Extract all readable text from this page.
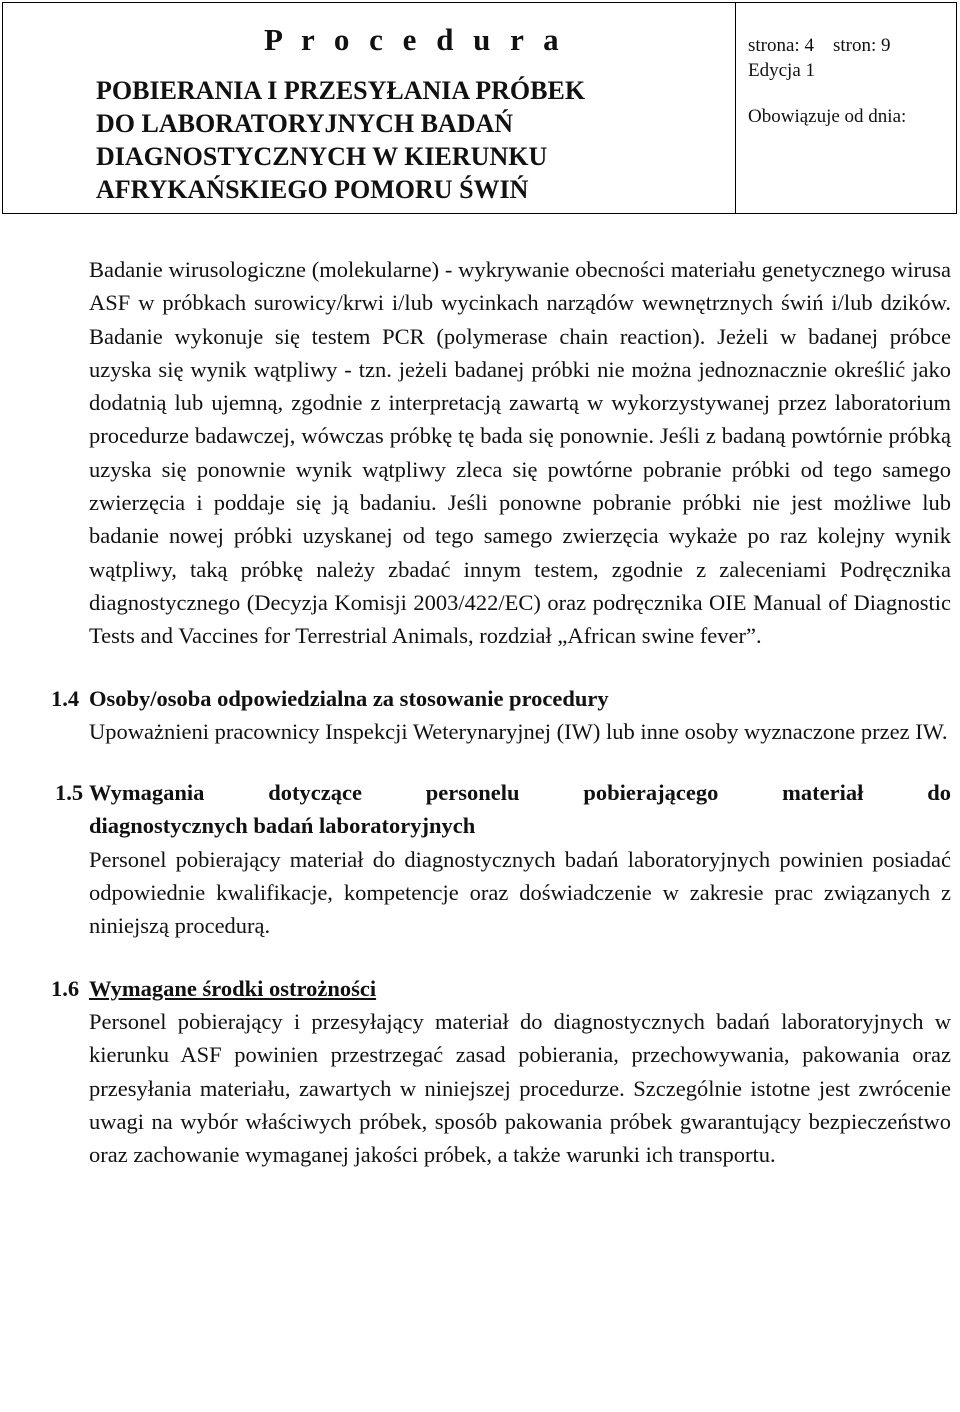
P r o c e d u r a
POBIERANIA I PRZESYŁANIA PRÓBEK
DO LABORATORYJNYCH BADAŃ
DIAGNOSTYCZNYCH W KIERUNKU
AFRYKAŃSKIEGO POMORU ŚWIŃ
strona: 4    stron: 9
Edycja 1
Obowiązuje od dnia:

Badanie wirusologiczne (molekularne) - wykrywanie obecności materiału genetycznego wirusa ASF w próbkach surowicy/krwi i/lub wycinkach narządów wewnętrznych świń i/lub dzików. Badanie wykonuje się testem PCR (polymerase chain reaction). Jeżeli w badanej próbce uzyska się wynik wątpliwy - tzn. jeżeli badanej próbki nie można jednoznacznie określić jako dodatnią lub ujemną, zgodnie z interpretacją zawartą w wykorzystywanej przez laboratorium procedurze badawczej, wówczas próbkę tę bada się ponownie. Jeśli z badaną powtórnie próbką uzyska się ponownie wynik wątpliwy zleca się powtórne pobranie próbki od tego samego zwierzęcia i poddaje się ją badaniu. Jeśli ponowne pobranie próbki nie jest możliwe lub badanie nowej próbki uzyskanej od tego samego zwierzęcia wykaże po raz kolejny wynik wątpliwy, taką próbkę należy zbadać innym testem, zgodnie z zaleceniami Podręcznika diagnostycznego (Decyzja Komisji 2003/422/EC) oraz podręcznika OIE Manual of Diagnostic Tests and Vaccines for Terrestrial Animals, rozdział „African swine fever”.

1.4 Osoby/osoba odpowiedzialna za stosowanie procedury

Upoważnieni pracownicy Inspekcji Weterynaryjnej (IW) lub inne osoby wyznaczone przez IW.

1.5 Wymagania dotyczące personelu pobierającego materiał do

diagnostycznych badań laboratoryjnych

Personel pobierający materiał do diagnostycznych badań laboratoryjnych powinien posiadać odpowiednie kwalifikacje, kompetencje oraz doświadczenie w zakresie prac związanych z niniejszą procedurą.

1.6 Wymagane środki ostrożności

Personel pobierający i przesyłający materiał do diagnostycznych badań laboratoryjnych w kierunku ASF powinien przestrzegać zasad pobierania, przechowywania, pakowania oraz przesyłania materiału, zawartych w niniejszej procedurze. Szczególnie istotne jest zwrócenie uwagi na wybór właściwych próbek, sposób pakowania próbek gwarantujący bezpieczeństwo oraz zachowanie wymaganej jakości próbek, a także warunki ich transportu.
